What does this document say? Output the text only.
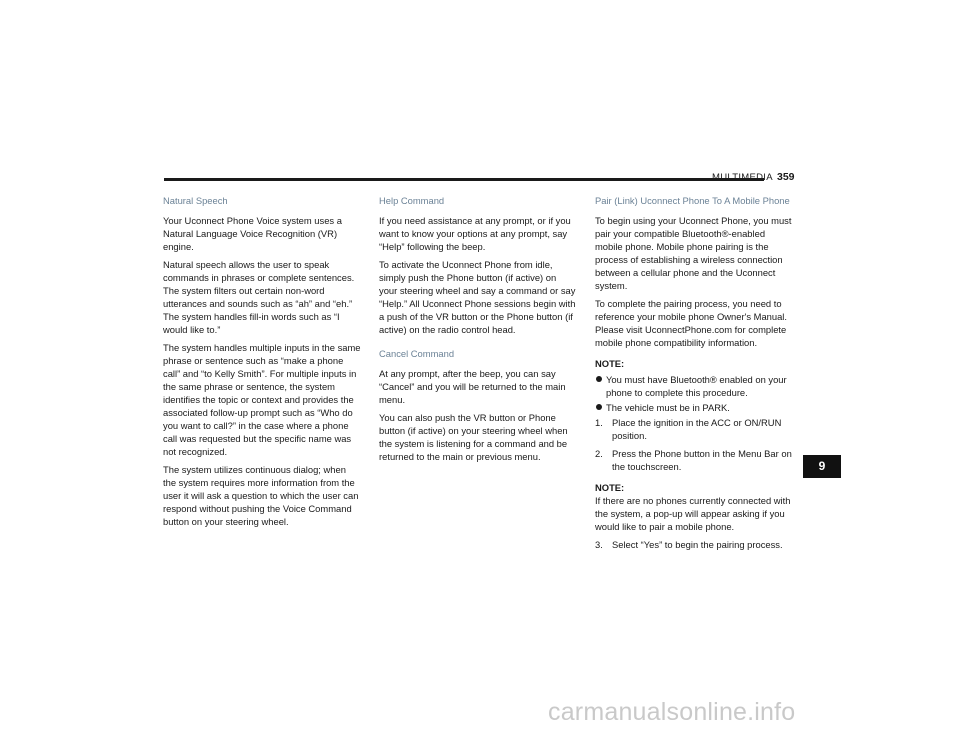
MULTIMEDIA 359
Natural Speech

Your Uconnect Phone Voice system uses a Natural Language Voice Recognition (VR) engine.

Natural speech allows the user to speak commands in phrases or complete sentences. The system filters out certain non-word utterances and sounds such as “ah” and “eh.” The system handles fill-in words such as “I would like to.”

The system handles multiple inputs in the same phrase or sentence such as “make a phone call” and “to Kelly Smith”. For multiple inputs in the same phrase or sentence, the system identifies the topic or context and provides the associated follow-up prompt such as “Who do you want to call?” in the case where a phone call was requested but the specific name was not recognized.

The system utilizes continuous dialog; when the system requires more information from the user it will ask a question to which the user can respond without pushing the Voice Command button on your steering wheel.

Help Command

If you need assistance at any prompt, or if you want to know your options at any prompt, say “Help” following the beep.

To activate the Uconnect Phone from idle, simply push the Phone button (if active) on your steering wheel and say a command or say “Help.” All Uconnect Phone sessions begin with a push of the VR button or the Phone button (if active) on the radio control head.

Cancel Command

At any prompt, after the beep, you can say “Cancel” and you will be returned to the main menu.

You can also push the VR button or Phone button (if active) on your steering wheel when the system is listening for a command and be returned to the main or previous menu.

Pair (Link) Uconnect Phone To A Mobile Phone

To begin using your Uconnect Phone, you must pair your compatible Bluetooth®-enabled mobile phone. Mobile phone pairing is the process of establishing a wireless connection between a cellular phone and the Uconnect system.

To complete the pairing process, you need to reference your mobile phone Owner's Manual. Please visit UconnectPhone.com for complete mobile phone compatibility information.

NOTE:
You must have Bluetooth® enabled on your phone to complete this procedure.
The vehicle must be in PARK.
1. Place the ignition in the ACC or ON/RUN position.
2. Press the Phone button in the Menu Bar on the touchscreen.
NOTE:

If there are no phones currently connected with the system, a pop-up will appear asking if you would like to pair a mobile phone.

3. Select “Yes” to begin the pairing process.
9
carmanualsonline.info
